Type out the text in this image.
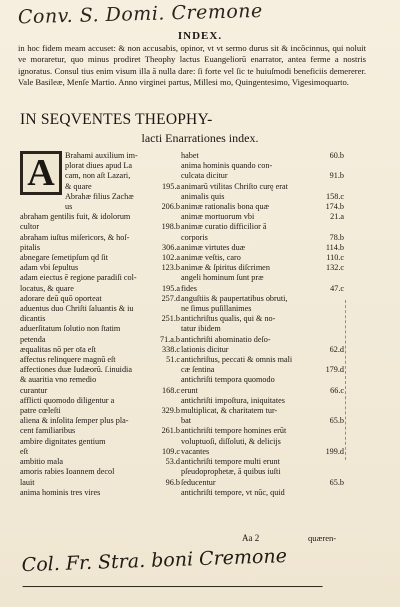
Conv. S. Domi. Cremone
INDEX.
in hoc fidem meam accuset: & non accusabis, opinor, vt vt sermo durus sit & incōcinnus, qui noluit ve moraretur, quo minus prodiret Theophy lactus Euangeliorū enarrator, antea ferme a nostris ignoratus. Consul tius enim visum illa ā nulla dare: ſi forte vel ſic te huiuſmodi beneficiis demererer. Vale Basileæ, Menſe Martio. Anno virginei partus, Millesi mo, Quingentesimo, Vigesimoquarto.
IN SEQVENTES THEOPHY-
lacti Enarrationes index.
A	Brahami auxilium im-
plorat diues apud La
cam, non aſt Lazari,
& quare	195.a
Abrahæ filius Zachæ
us	206.b
abraham gentilis fuit, & idolorum
cultor	198.b
abraham iuſtus miſericors, & hoſ-
pitalis	306.a
abnegare ſemetipſum qd ſit	102.a
adam vbi ſepultus	123.b
adam eiectus ē regione paradiſi col-
locatus, & quare	195.a
adorare deū quō oporteat	257.d
aduentus duo Chriſti ſaluantis & iu
dicantis	251.b
aduerſitatum ſolutio non ſtatim
petenda	71.a.b
æqualitas nō per oīa eſt	338.c
affectus relinquere magnū eſt	51.c
affectiones duæ Iudæorū. ſ.inuidia
& auaritia vno remedio
curantur	168.c
afflicti quomodo diligentur a
patre cœleſti	329.b
aliena & inſolita ſemper plus pla-
cent familiaribus	261.b
ambire dignitates gentium
eſt	109.c
ambitio mala	53.d
amoris rabies Ioannem decol
lauit	96.b
anima hominis tres vires
habet	60.b
anima hominis quando con-
culcata dicitur	91.b
animarū vtilitas Chriſto curę erat
animalis quis	158.c
animæ rationalis bona quæ	174.b
animæ mortuorum vbi	21.a
animæ curatio difficilior ā
corporis	78.b
animæ virtutes duæ	114.b
animæ veſtis, caro	110.c
animæ & ſpiritus diſcrimen	132.c
angeli hominum ſunt præ
fides	47.c
anguſtiis & paupertatibus obruti,
ne ſimus puſillanimes
antichriſtus qualis, qui & no-
tatur ibidem
antichriſti abominatio deſo-
lationis dicitur	62.d
antichriſtus, peccati & omnis mali
cæ ſentina	179.d
antichriſti tempora quomodo
erunt	66.c
antichriſti impoſtura, iniquitates
multiplicat, & charitatem tur-
bat	65.b
antichriſti tempore homines erūt
voluptuoſi, diſſoluti, & delicijs
vacantes	199.d
antichriſti tempore multi erunt
pſeudoprophetæ, ā quibus iuſti
ſeducentur	65.b
antichriſti tempore, vt nūc, quid
Aa 2	quæren-
Col. Fr. Stra. boni Cremone
